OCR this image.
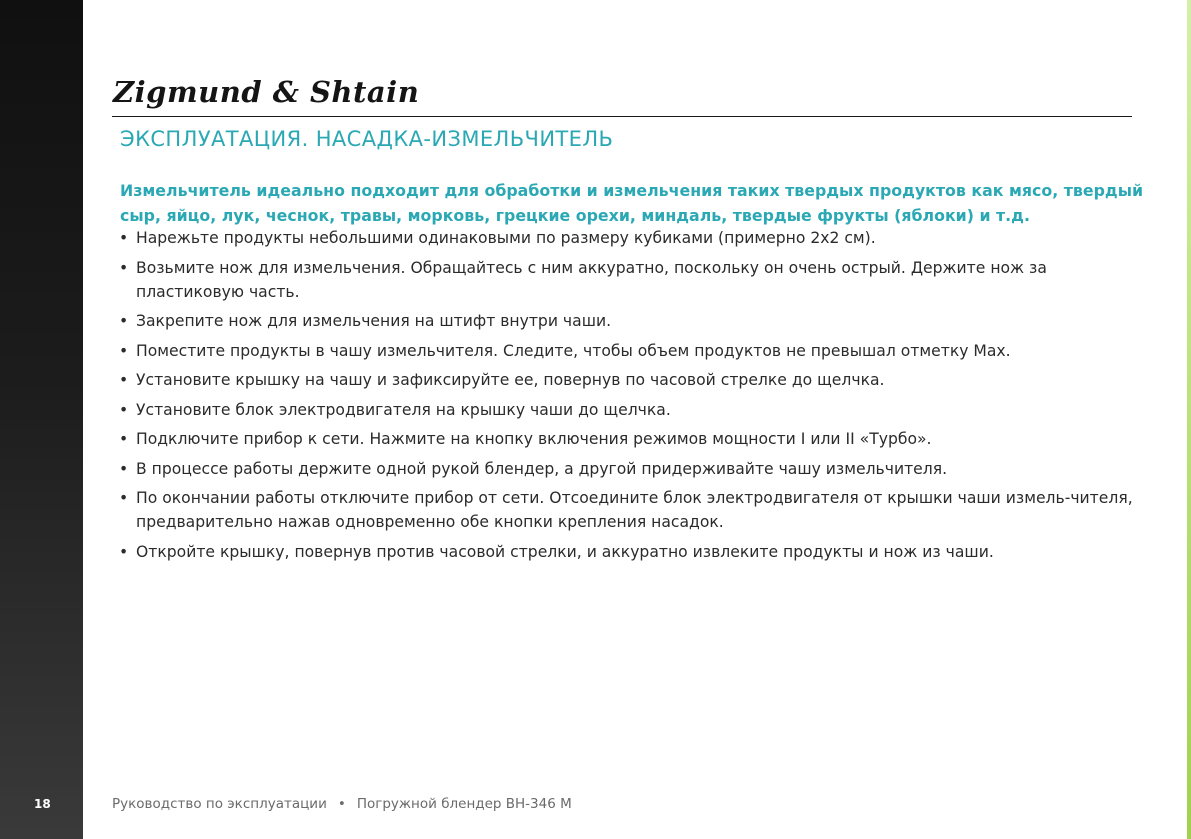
18
Zigmund & Shtain
ЭКСПЛУАТАЦИЯ. НАСАДКА-ИЗМЕЛЬЧИТЕЛЬ
Измельчитель идеально подходит для обработки и измельчения таких твердых продуктов как мясо, твердый сыр, яйцо, лук, чеснок, травы, морковь, грецкие орехи, миндаль, твердые фрукты (яблоки) и т.д.
• Нарежьте продукты небольшими одинаковыми по размеру кубиками (примерно 2х2 см).
• Возьмите нож для измельчения. Обращайтесь с ним аккуратно, поскольку он очень острый. Держите нож за пластиковую часть.
• Закрепите нож для измельчения на штифт внутри чаши.
• Поместите продукты в чашу измельчителя. Следите, чтобы объем продуктов не превышал отметку Max.
• Установите крышку на чашу и зафиксируйте ее, повернув по часовой стрелке до щелчка.
• Установите блок электродвигателя на крышку чаши до щелчка.
• Подключите прибор к сети. Нажмите на кнопку включения режимов мощности I или II «Турбо».
• В процессе работы держите одной рукой блендер, а другой придерживайте чашу измельчителя.
• По окончании работы отключите прибор от сети. Отсоедините блок электродвигателя от крышки чаши измель-чителя, предварительно нажав одновременно обе кнопки крепления насадок.
• Откройте крышку, повернув против часовой стрелки, и аккуратно извлеките продукты и нож из чаши.
Руководство по эксплуатации • Погружной блендер BH-346 M
